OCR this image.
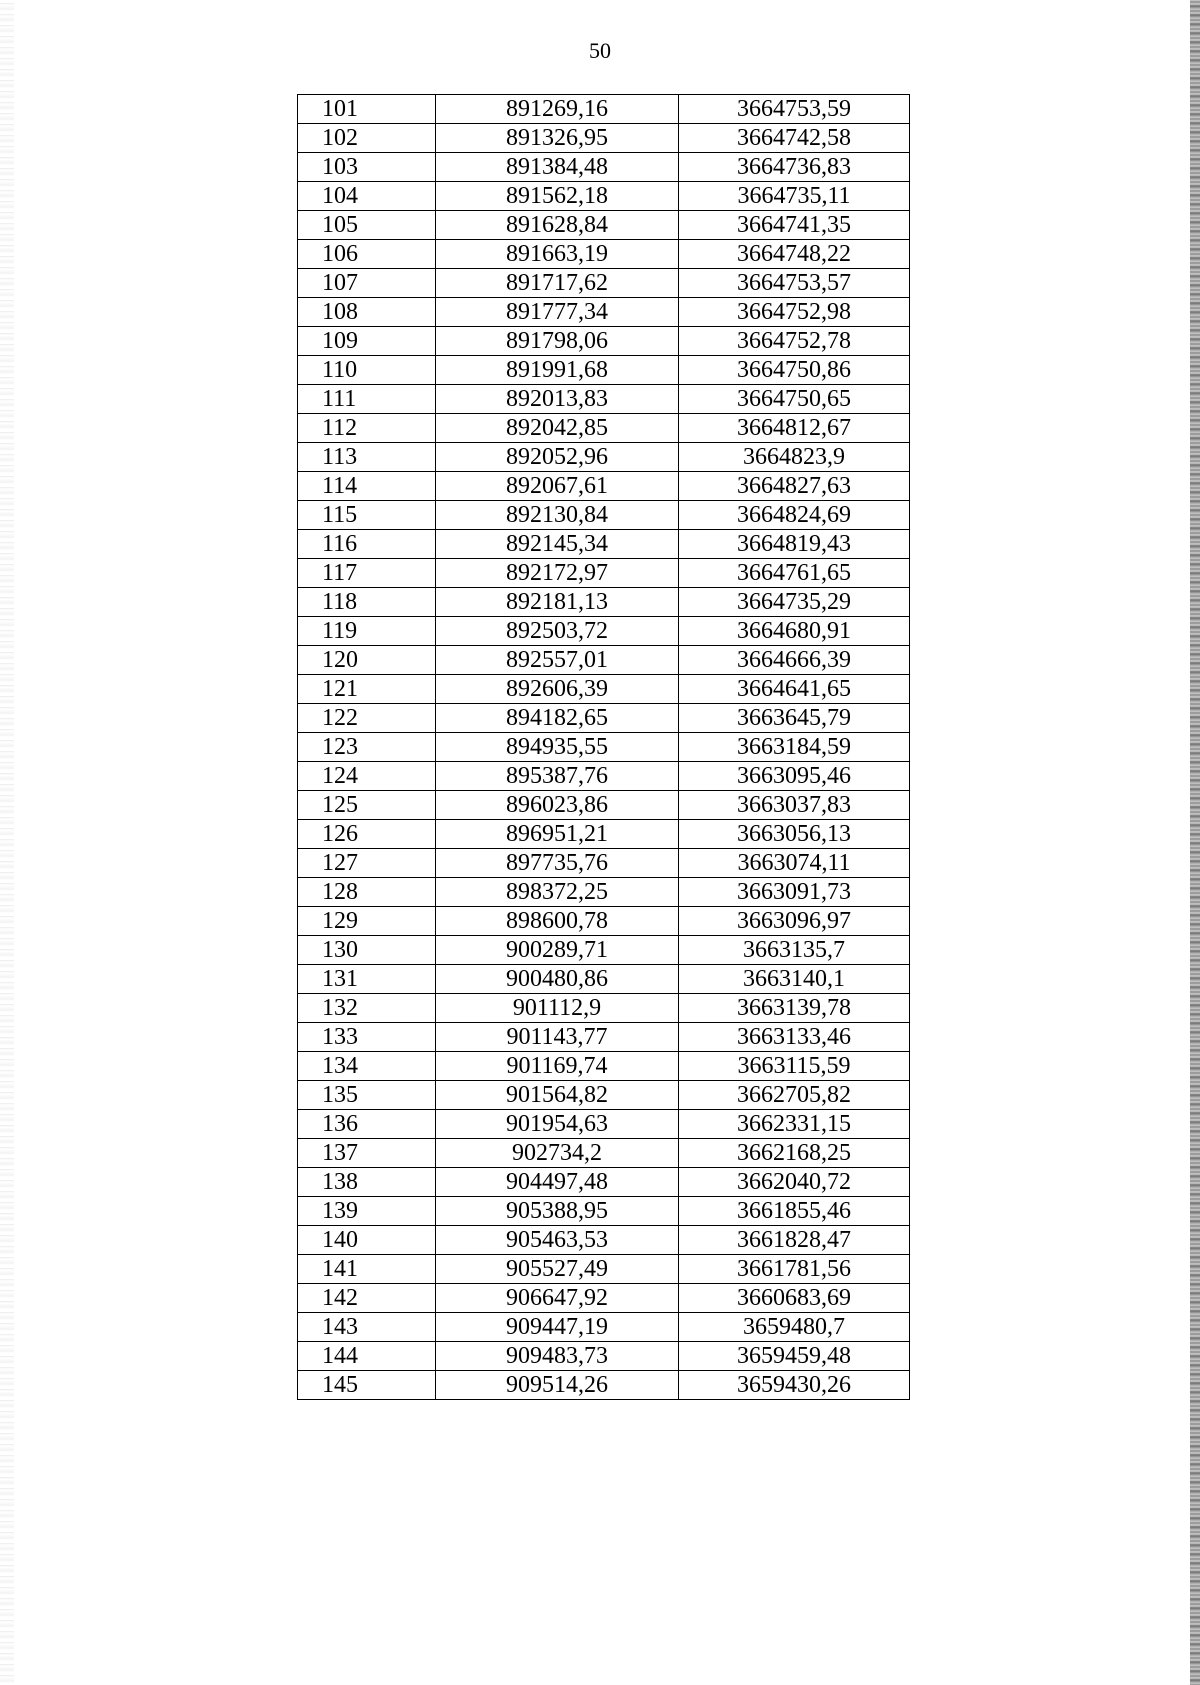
50
101	891269,16	3664753,59
102	891326,95	3664742,58
103	891384,48	3664736,83
104	891562,18	3664735,11
105	891628,84	3664741,35
106	891663,19	3664748,22
107	891717,62	3664753,57
108	891777,34	3664752,98
109	891798,06	3664752,78
110	891991,68	3664750,86
111	892013,83	3664750,65
112	892042,85	3664812,67
113	892052,96	3664823,9
114	892067,61	3664827,63
115	892130,84	3664824,69
116	892145,34	3664819,43
117	892172,97	3664761,65
118	892181,13	3664735,29
119	892503,72	3664680,91
120	892557,01	3664666,39
121	892606,39	3664641,65
122	894182,65	3663645,79
123	894935,55	3663184,59
124	895387,76	3663095,46
125	896023,86	3663037,83
126	896951,21	3663056,13
127	897735,76	3663074,11
128	898372,25	3663091,73
129	898600,78	3663096,97
130	900289,71	3663135,7
131	900480,86	3663140,1
132	901112,9	3663139,78
133	901143,77	3663133,46
134	901169,74	3663115,59
135	901564,82	3662705,82
136	901954,63	3662331,15
137	902734,2	3662168,25
138	904497,48	3662040,72
139	905388,95	3661855,46
140	905463,53	3661828,47
141	905527,49	3661781,56
142	906647,92	3660683,69
143	909447,19	3659480,7
144	909483,73	3659459,48
145	909514,26	3659430,26
